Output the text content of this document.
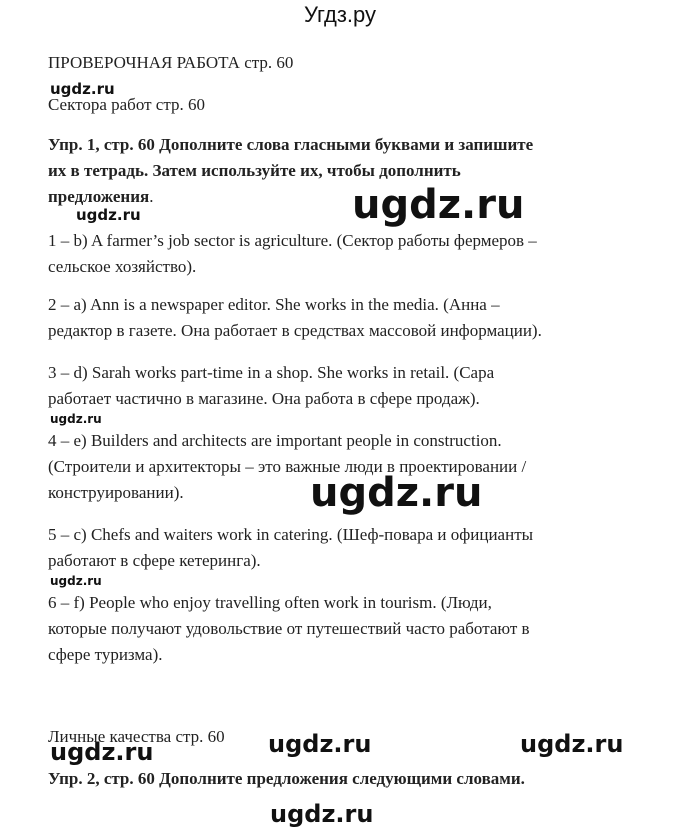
Угдз.ру
ПРОВЕРОЧНАЯ РАБОТА стр. 60
ugdz.ru
Сектора работ стр. 60
Упр. 1, стр. 60 Дополните слова гласными буквами и запишите
их в тетрадь. Затем используйте их, чтобы дополнить
предложения.
ugdz.ru	ugdz.ru
1 – b) A farmer’s job sector is agriculture. (Сектор работы фермеров –
сельское хозяйство).
2 – a) Ann is a newspaper editor. She works in the media. (Анна –
редактор в газете. Она работает в средствах массовой информации).
3 – d) Sarah works part-time in a shop. She works in retail. (Сара
работает частично в магазине. Она работа в сфере продаж).
ugdz.ru
4 – e) Builders and architects are important people in construction.
(Строители и архитекторы – это важные люди в проектировании /
конструировании).	ugdz.ru
5 – c) Chefs and waiters work in catering. (Шеф-повара и официанты
работают в сфере кетеринга).
ugdz.ru
6 – f) People who enjoy travelling often work in tourism. (Люди,
которые получают удовольствие от путешествий часто работают в
сфере туризма).
Личные качества стр. 60
ugdz.ru	ugdz.ru	ugdz.ru
Упр. 2, стр. 60 Дополните предложения следующими словами.
ugdz.ru
